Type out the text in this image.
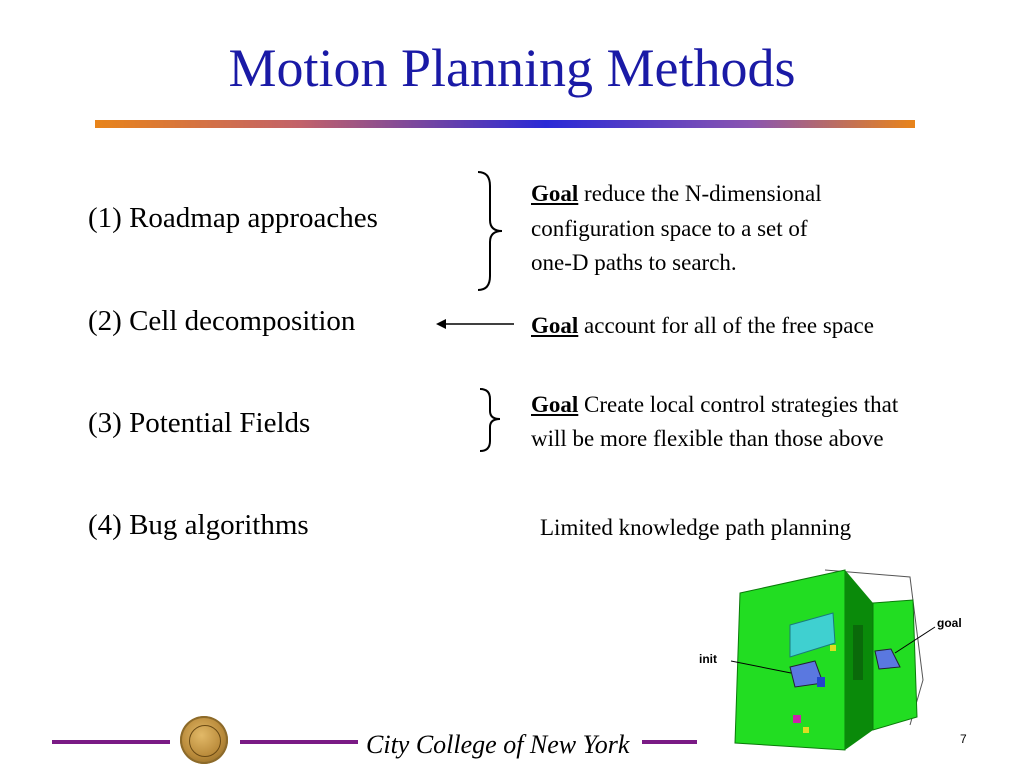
Motion Planning Methods
(1) Roadmap approaches
(2) Cell decomposition
(3) Potential Fields
(4) Bug algorithms
Goal reduce the N-dimensional
configuration space to a set of
one-D paths to search.
Goal account for all of the free space
Goal Create local control strategies that
will be more flexible than those above
Limited knowledge path planning
init
goal
City College of New York	7
